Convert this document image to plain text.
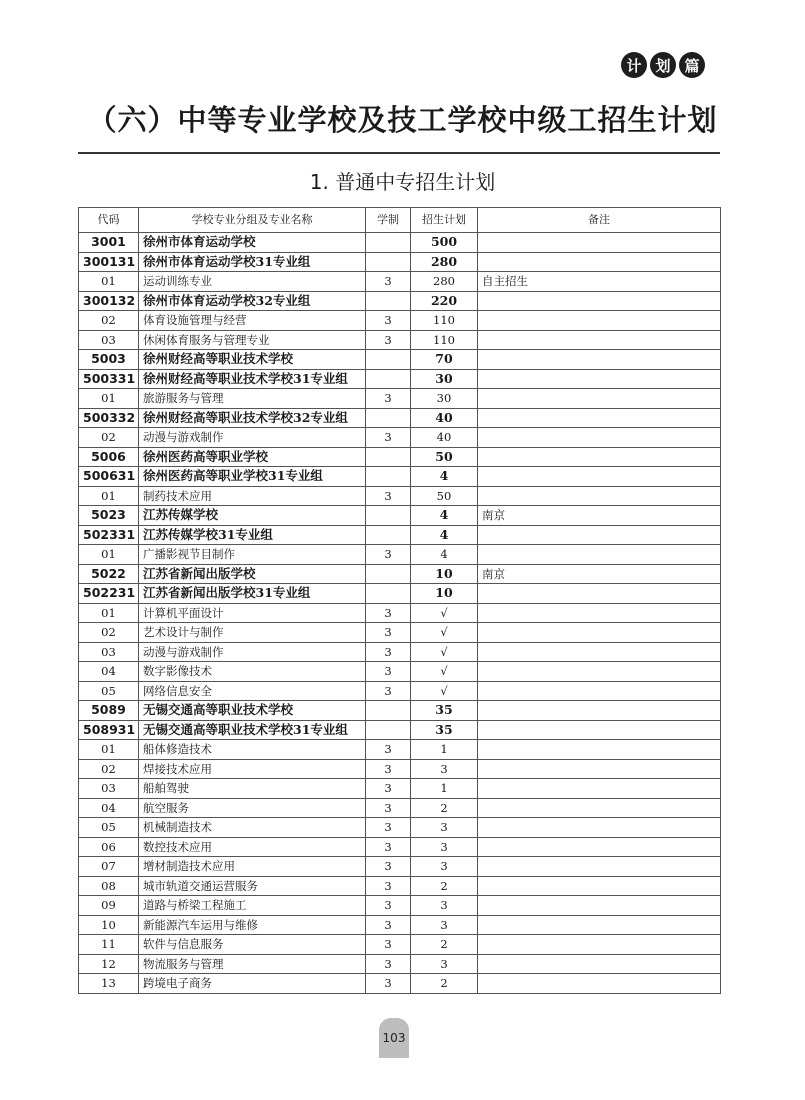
计 划 篇
（六）中等专业学校及技工学校中级工招生计划
1. 普通中专招生计划
代码	学校专业分组及专业名称	学制	招生计划	备注
3001	徐州市体育运动学校		500	
300131	徐州市体育运动学校31专业组		280	
01	运动训练专业	3	280	自主招生
300132	徐州市体育运动学校32专业组		220	
02	体育设施管理与经营	3	110	
03	休闲体育服务与管理专业	3	110	
5003	徐州财经高等职业技术学校		70	
500331	徐州财经高等职业技术学校31专业组		30	
01	旅游服务与管理	3	30	
500332	徐州财经高等职业技术学校32专业组		40	
02	动漫与游戏制作	3	40	
5006	徐州医药高等职业学校		50	
500631	徐州医药高等职业学校31专业组		4	
01	制药技术应用	3	50	
5023	江苏传媒学校		4	南京
502331	江苏传媒学校31专业组		4	
01	广播影视节目制作	3	4	
5022	江苏省新闻出版学校		10	南京
502231	江苏省新闻出版学校31专业组		10	
01	计算机平面设计	3	√	
02	艺术设计与制作	3	√	
03	动漫与游戏制作	3	√	
04	数字影像技术	3	√	
05	网络信息安全	3	√	
5089	无锡交通高等职业技术学校		35	
508931	无锡交通高等职业技术学校31专业组		35	
01	船体修造技术	3	1	
02	焊接技术应用	3	3	
03	船舶驾驶	3	1	
04	航空服务	3	2	
05	机械制造技术	3	3	
06	数控技术应用	3	3	
07	增材制造技术应用	3	3	
08	城市轨道交通运营服务	3	2	
09	道路与桥梁工程施工	3	3	
10	新能源汽车运用与维修	3	3	
11	软件与信息服务	3	2	
12	物流服务与管理	3	3	
13	跨境电子商务	3	2	
103
